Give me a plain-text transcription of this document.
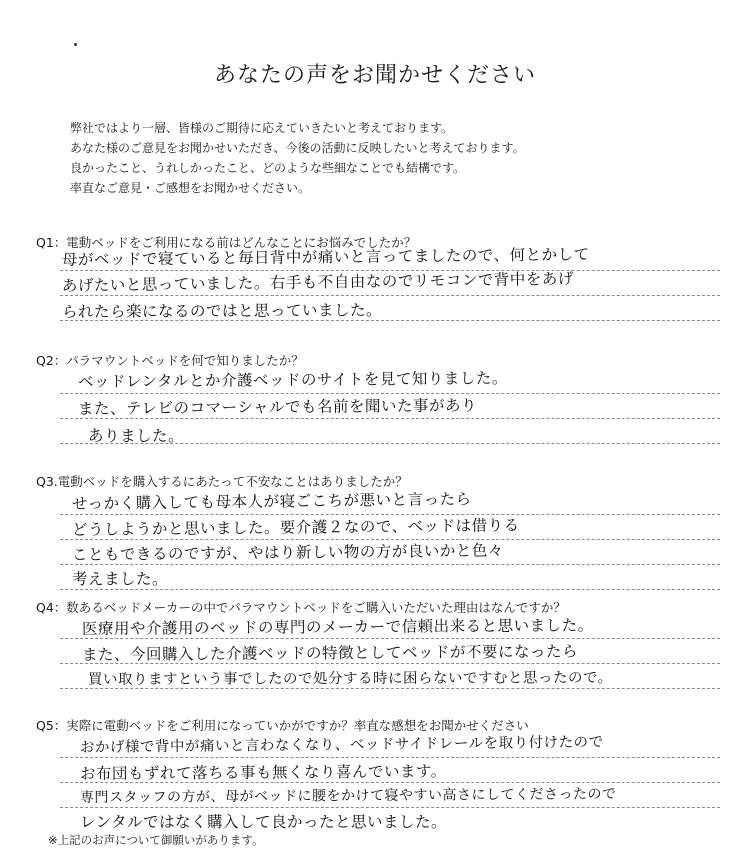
あなたの声をお聞かせください
弊社ではより一層、皆様のご期待に応えていきたいと考えております。
あなた様のご意見をお聞かせいただき、今後の活動に反映したいと考えております。
良かったこと、うれしかったこと、どのような些細なことでも結構です。
率直なご意見・ご感想をお聞かせください。
Q1：電動ベッドをご利用になる前はどんなことにお悩みでしたか？
母がベッドで寝ていると毎日背中が痛いと言ってましたので、何とかして
あげたいと思っていました。右手も不自由なのでリモコンで背中をあげ
られたら楽になるのではと思っていました。
Q2：パラマウントベッドを何で知りましたか？
ベッドレンタルとか介護ベッドのサイトを見て知りました。
また、テレビのコマーシャルでも名前を聞いた事があり
ありました。
Q3.電動ベッドを購入するにあたって不安なことはありましたか？
せっかく購入しても母本人が寝ごこちが悪いと言ったら
どうしようかと思いました。要介護２なので、ベッドは借りる
こともできるのですが、やはり新しい物の方が良いかと色々
考えました。
Q4：数あるベッドメーカーの中でパラマウントベッドをご購入いただいた理由はなんですか？
医療用や介護用のベッドの専門のメーカーで信頼出来ると思いました。
また、今回購入した介護ベッドの特徴としてベッドが不要になったら
買い取りますという事でしたので処分する時に困らないですむと思ったので。
Q5：実際に電動ベッドをご利用になっていかがですか？率直な感想をお聞かせください
おかげ様で背中が痛いと言わなくなり、ベッドサイドレールを取り付けたので
お布団もずれて落ちる事も無くなり喜んでいます。
専門スタッフの方が、母がベッドに腰をかけて寝やすい高さにしてくださったので
レンタルではなく購入して良かったと思いました。
※上記のお声について御願いがあります。
